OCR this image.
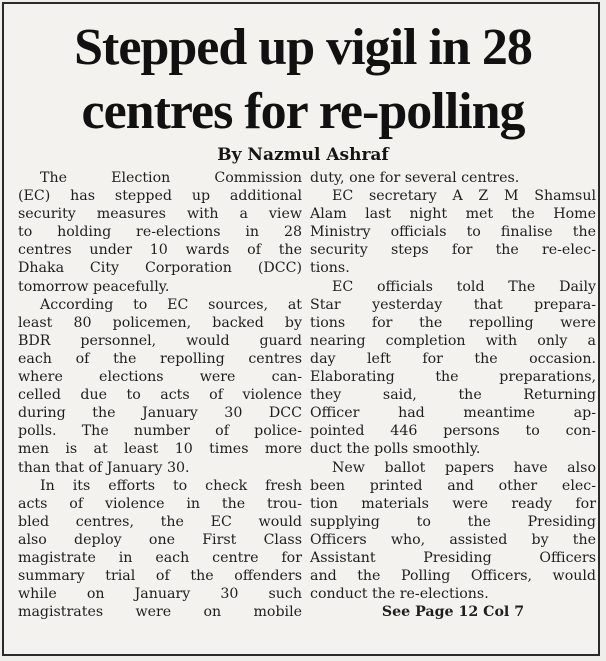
Stepped up vigil in 28
centres for re-polling
By Nazmul Ashraf
The Election Commission
(EC) has stepped up additional
security measures with a view
to holding re-elections in 28
centres under 10 wards of the
Dhaka City Corporation (DCC)
tomorrow peacefully.
According to EC sources, at
least 80 policemen, backed by
BDR personnel, would guard
each of the repolling centres
where elections were can-
celled due to acts of violence
during the January 30 DCC
polls. The number of police-
men is at least 10 times more
than that of January 30.
In its efforts to check fresh
acts of violence in the trou-
bled centres, the EC would
also deploy one First Class
magistrate in each centre for
summary trial of the offenders
while on January 30 such
magistrates were on mobile
duty, one for several centres.
EC secretary A Z M Shamsul
Alam last night met the Home
Ministry officials to finalise the
security steps for the re-elec-
tions.
EC officials told The Daily
Star yesterday that prepara-
tions for the repolling were
nearing completion with only a
day left for the occasion.
Elaborating the preparations,
they said, the Returning
Officer had meantime ap-
pointed 446 persons to con-
duct the polls smoothly.
New ballot papers have also
been printed and other elec-
tion materials were ready for
supplying to the Presiding
Officers who, assisted by the
Assistant Presiding Officers
and the Polling Officers, would
conduct the re-elections.
See Page 12 Col 7
